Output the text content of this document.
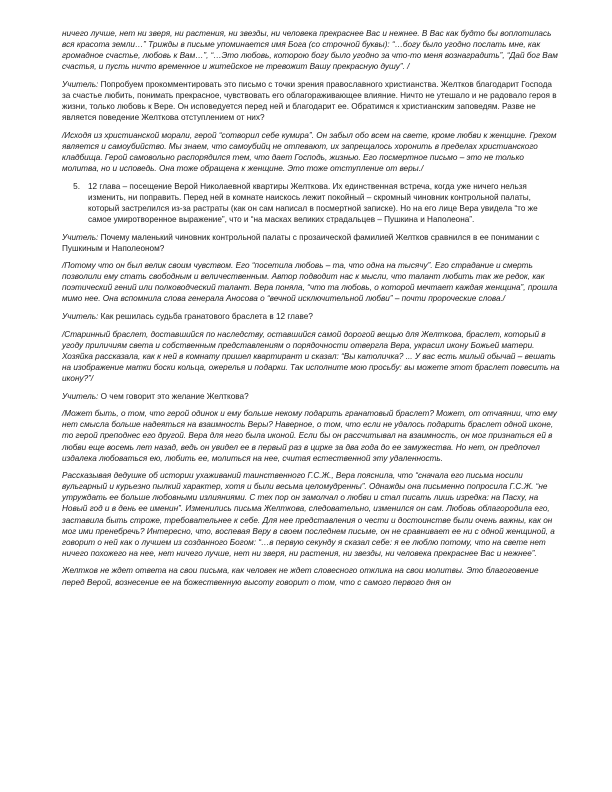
ничего лучше, нет ни зверя, ни растения, ни звезды, ни человека прекраснее Вас и нежнее. В Вас как будто бы воплотилась вся красота земли…” Трижды в письме упоминается имя Бога (со строчной буквы): “…богу было угодно послать мне, как громадное счастье, любовь к Вам…”, “…Это любовь, которою богу было угодно за что-то меня вознаградить”, “Дай бог Вам счастья, и пусть ничто временное и житейское не тревожит Вашу прекрасную душу”. /

Учитель: Попробуем прокомментировать это письмо с точки зрения православного христианства. Желтков благодарит Господа за счастье любить, понимать прекрасное, чувствовать его облагораживающее влияние. Ничто не утешало и не радовало героя в жизни, только любовь к Вере. Он исповедуется перед ней и благодарит ее. Обратимся к христианским заповедям. Разве не является поведение Желткова отступлением от них?

/Исходя из христианской морали, герой “сотворил себе кумира”. Он забыл обо всем на свете, кроме любви к женщине. Грехом является и самоубийство. Мы знаем, что самоубийц не отпевают, их запрещалось хоронить в пределах христианского кладбища. Герой самовольно распорядился тем, что дает Господь, жизнью. Его посмертное письмо – это не только молитва, но и исповедь. Она тоже обращена к женщине. Это тоже отступление от веры./

5. 12 глава – посещение Верой Николаевной квартиры Желткова. Их единственная встреча, когда уже ничего нельзя изменить, ни поправить. Перед ней в комнате наискось лежит покойный – скромный чиновник контрольной палаты, который застрелился из-за растраты (как он сам написал в посмертной записке). Но на его лице Вера увидела “то же самое умиротворенное выражение”, что и “на масках великих страдальцев – Пушкина и Наполеона”.

Учитель: Почему маленький чиновник контрольной палаты с прозаической фамилией Желтков сравнился в ее понимании с Пушкиным и Наполеоном?

/Потому что он был велик своим чувством. Его “посетила любовь – та, что одна на тысячу”. Его страдание и смерть позволили ему стать свободным и величественным. Автор подводит нас к мысли, что талант любить так же редок, как поэтический гений или полководческий талант. Вера поняла, “что та любовь, о которой мечтает каждая женщина”, прошла мимо нее. Она вспомнила слова генерала Аносова о “вечной исключительной любви” – почти пророческие слова./

Учитель: Как решилась судьба гранатового браслета в 12 главе?

/Старинный браслет, доставшийся по наследству, оставшийся самой дорогой вещью для Желткова, браслет, который в угоду приличиям света и собственным представлениям о порядочности отвергла Вера, украсил икону Божьей матери. Хозяйка рассказала, как к ней в комнату пришел квартирант и сказал: “Вы католичка? ... У вас есть милый обычай – вешать на изображение матки боски кольца, ожерелья и подарки. Так исполните мою просьбу: вы можете этот браслет повесить на икону?”/

Учитель: О чем говорит это желание Желткова?

/Может быть, о том, что герой одинок и ему больше некому подарить гранатовый браслет? Может, от отчаянии, что ему нет смысла больше надеяться на взаимность Веры? Наверное, о том, что если не удалось подарить браслет одной иконе, то герой преподнес его другой. Вера для него была иконой. Если бы он рассчитывал на взаимность, он мог признаться ей в любви еще восемь лет назад, ведь он увидел ее в первый раз в цирке за два года до ее замужества. Но нет, он предпочел издалека любоваться ею, любить ее, молиться на нее, считая естественной эту удаленность.

Рассказывая дедушке об истории ухаживаний таинственного Г.С.Ж., Вера пояснила, что “сначала его письма носили вульгарный и курьезно пылкий характер, хотя и были весьма целомудренны”. Однажды она письменно попросила Г.С.Ж. “не утруждать ее больше любовными излияниями. С тех пор он замолчал о любви и стал писать лишь изредка: на Пасху, на Новый год и в день ее именин”. Изменились письма Желткова, следовательно, изменился он сам. Любовь облагородила его, заставила быть строже, требовательнее к себе. Для нее представления о чести и достоинстве были очень важны, как он мог ими пренебречь? Интересно, что, воспевая Веру в своем последнем письме, он не сравнивает ее ни с одной женщиной, а говорит о ней как о лучшем из созданного Богом: “…в первую секунду я сказал себе: я ее люблю потому, что на свете нет ничего похожего на нее, нет ничего лучше, нет ни зверя, ни растения, ни звезды, ни человека прекраснее Вас и нежнее”.

Желтков не ждет ответа на свои письма, как человек не ждет словесного отклика на свои молитвы. Это благоговение перед Верой, вознесение ее на божественную высоту говорит о том, что с самого первого дня он
